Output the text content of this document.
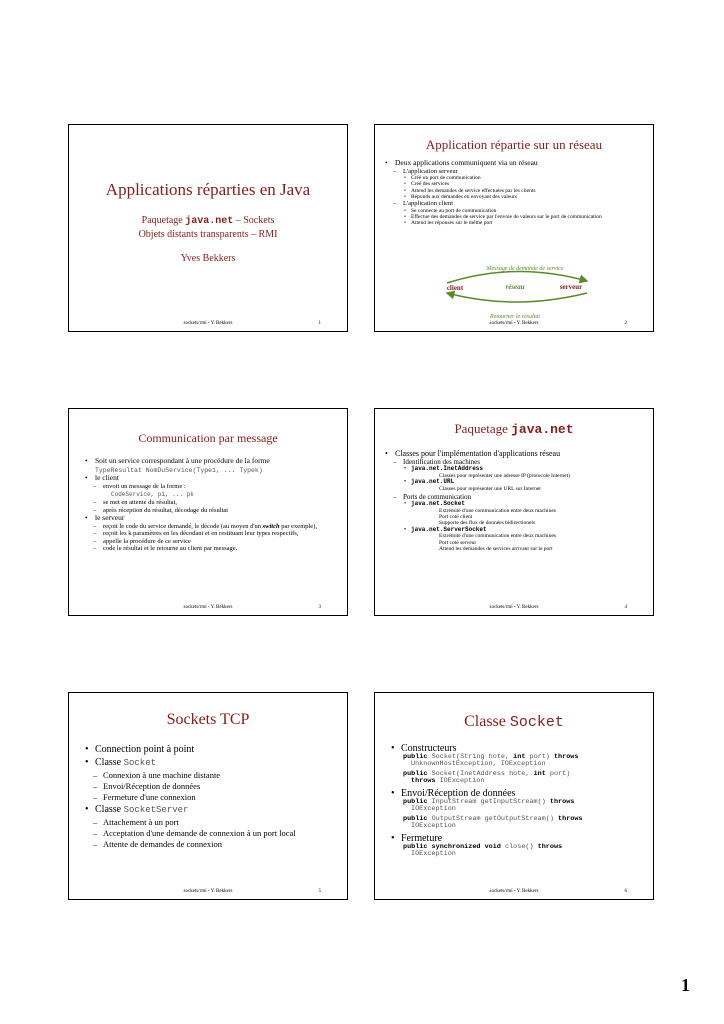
Applications réparties en Java
Paquetage java.net – Sockets
Objets distants transparents – RMI
Yves Bekkers
sockets/rmi - Y. Bekkers	1
Application répartie sur un réseau
• Deux applications communiquent via un réseau
– L'application serveur
• Créé un port de communication
• Créé des services
• Attend les demandes de service effectuées par les clients
• Réponds aux demandes en envoyant des valeurs
– L'application client
• Se connecte au port de communication
• Effectue des demandes de service par l'envoie de valeurs sur le port de communication
• Attend les réponses sur le même port
Message de demande de service
client	réseau	serveur
Retourner le résultat
sockets/rmi - Y. Bekkers	2
Communication par message
• Soit un service correspondant à une procédure de la forme
TypeResultat NomDuService(Type1, ... Typek)
• le client
– envoit un message de la forme :
CodeService, p1, ... pk
– se met en attente du résultat,
– après réception du résultat, décodage du résultat
• le serveur
– reçoit le code du service demandé, le décode (au moyen d'un switch par exemple),
– reçoit les k paramètres en les décodant et en restituant leur types respectifs,
– appelle la procédure de ce service
– code le résultat et le retourne au client par message.
sockets/rmi - Y. Bekkers	3
Paquetage java.net
• Classes pour l'implémentation d'applications réseau
– Identification des machines
• java.net.InetAddress
Classes pour représenter une adresse IP (protocole Internet)
• java.net.URL
Classes pour représenter une URL sur Internet
– Ports de communication
• java.net.Socket
Extrémité d'une communication entre deux machines
Port coté client
Supporte des flux de données bidirectionels
• java.net.ServerSocket
Extrémité d'une communication entre deux machines
Port coté serveur
Attend les demandes de services arrivant sur le port
sockets/rmi - Y. Bekkers	4
Sockets TCP
• Connection point à point
• Classe Socket
– Connexion à une machine distante
– Envoi/Réception de données
– Fermeture d'une connexion
• Classe SocketServer
– Attachement à un port
– Acceptation d'une demande de connexion à un port local
– Attente de demandes de connexion
sockets/rmi - Y. Bekkers	5
Classe Socket
• Constructeurs
public Socket(String hote, int port) throws
UnknownHostException, IOException
public Socket(InetAddress hote, int port)
throws IOException
• Envoi/Réception de données
public InputStream getInputStream() throws
IOException
public OutputStream getOutputStream() throws
IOException
• Fermeture
public synchronized void close() throws
IOException
sockets/rmi - Y. Bekkers	6
1
